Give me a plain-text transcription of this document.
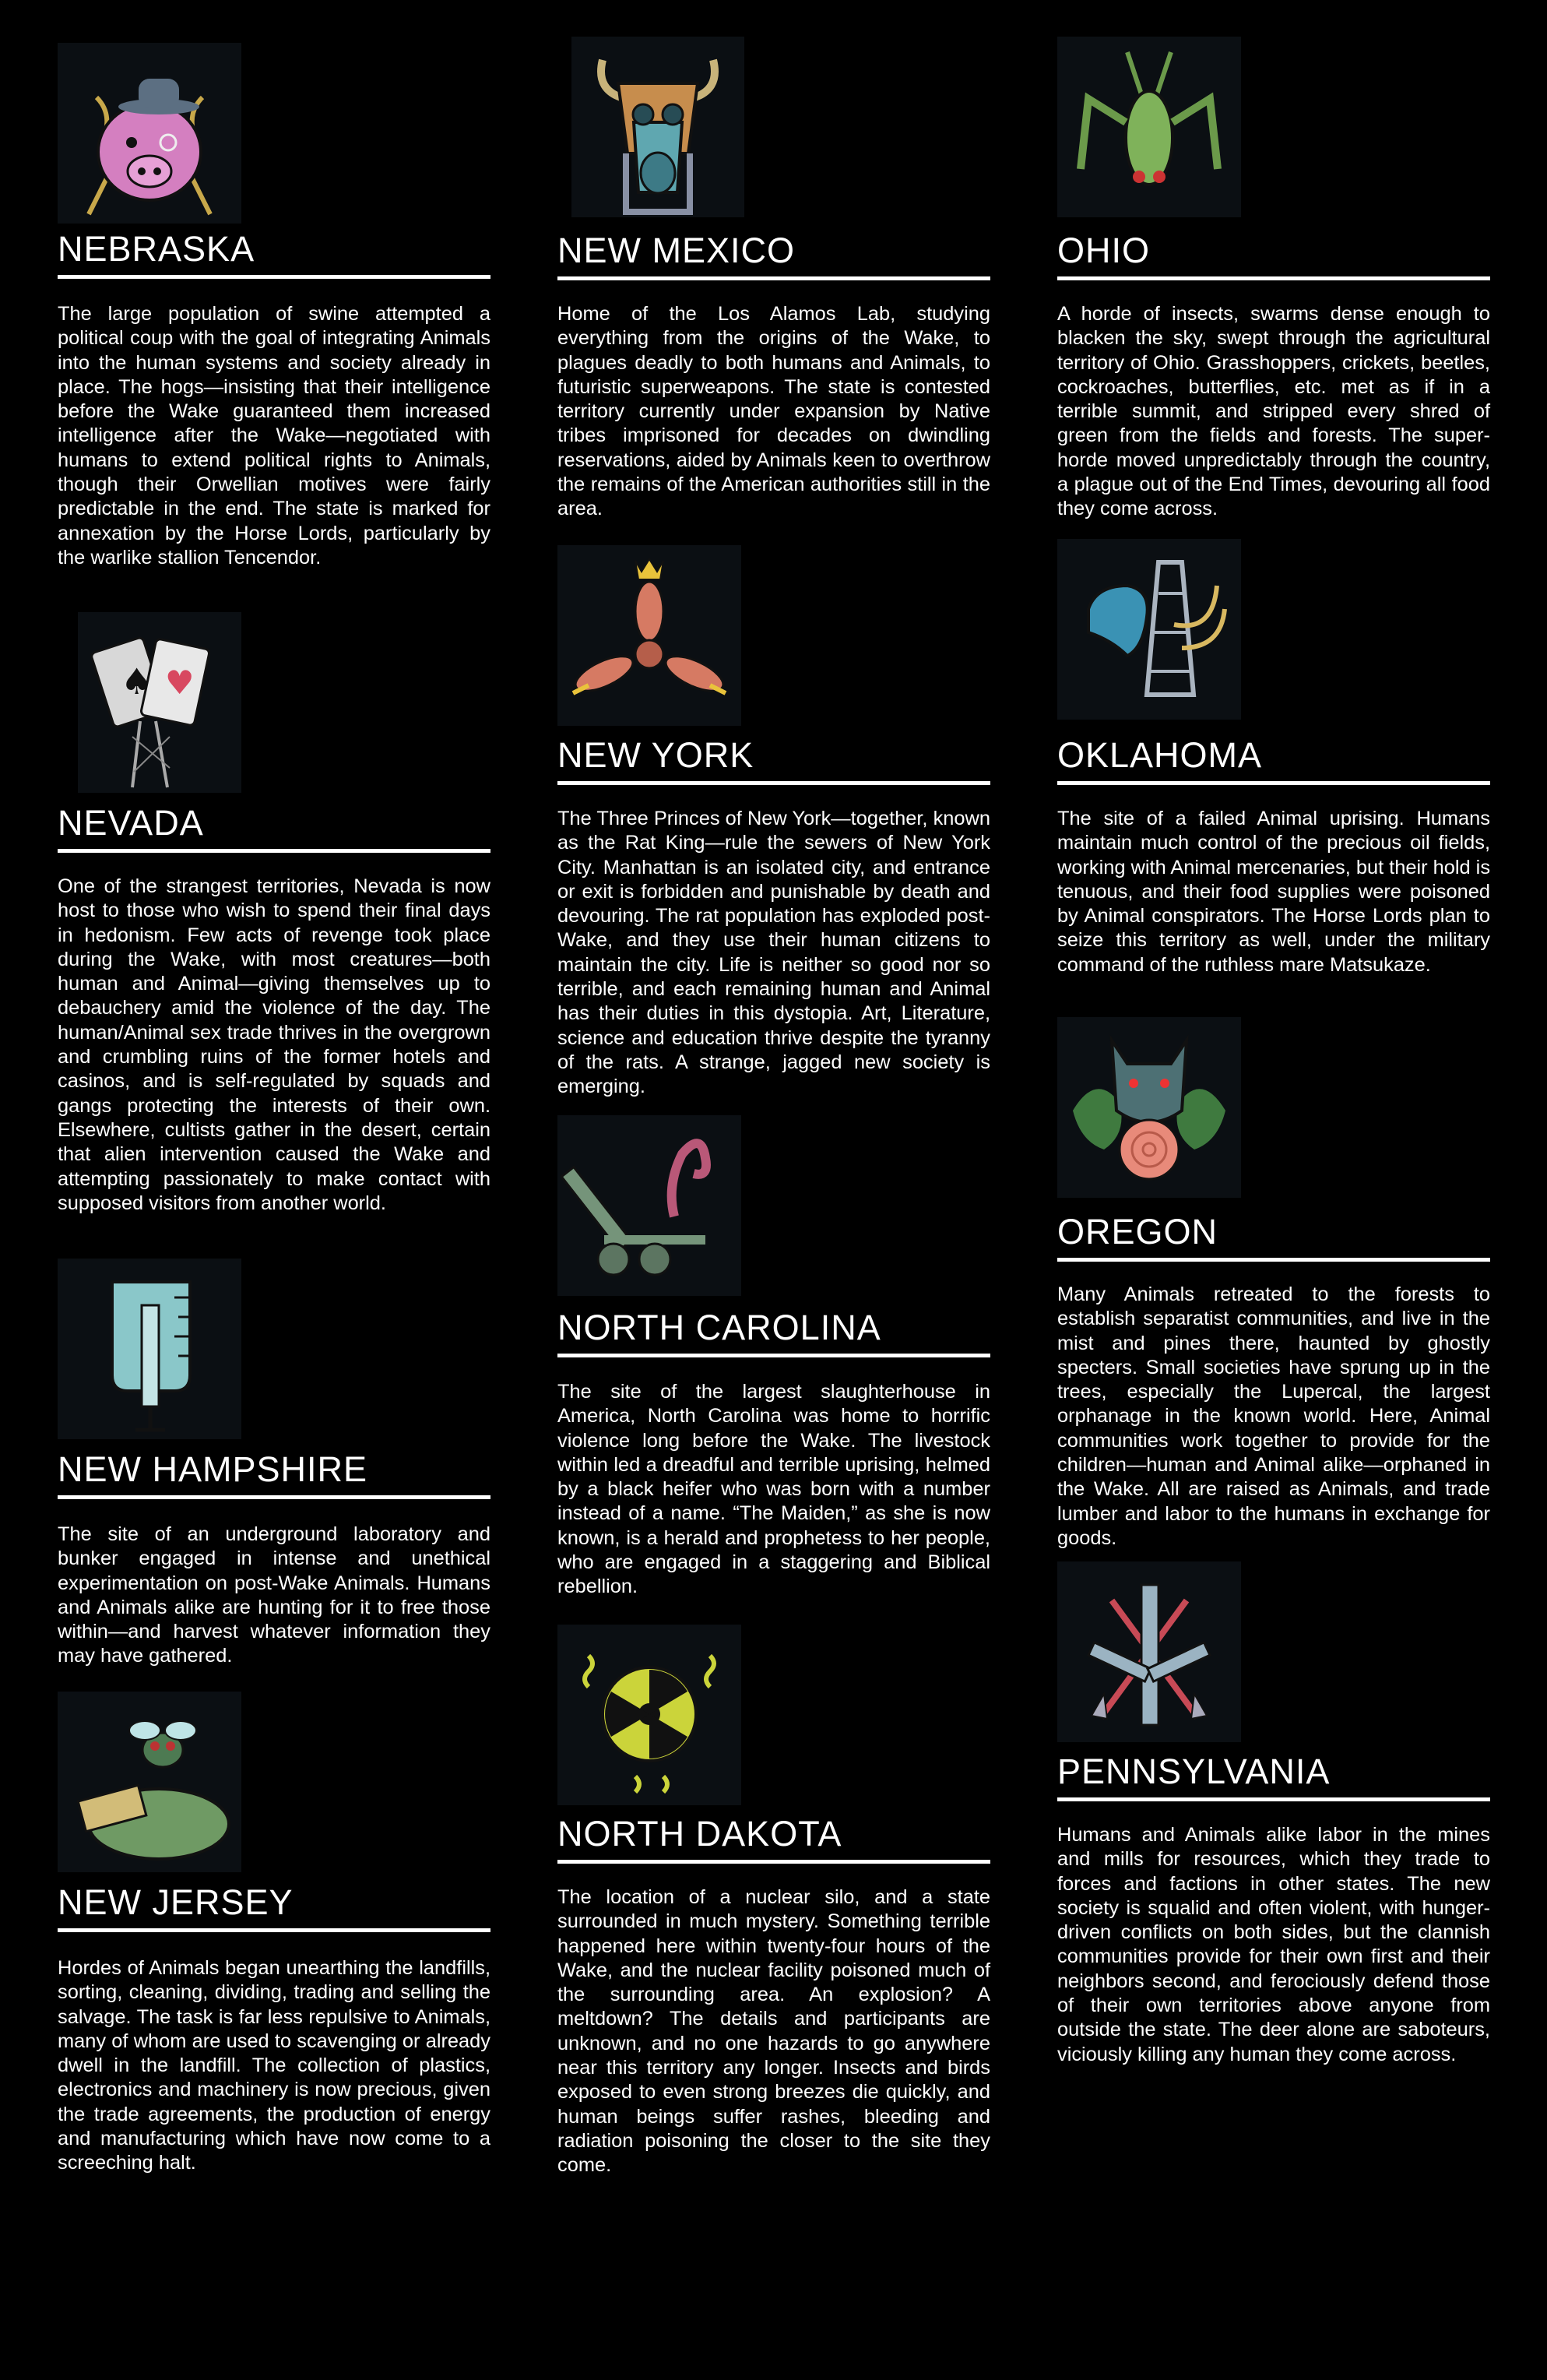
NEBRASKA
The large population of swine attempted a political coup with the goal of integrating Animals into the human systems and society already in place. The hogs—insisting that their intelligence before the Wake guaranteed them increased intelligence after the Wake—negotiated with humans to extend political rights to Animals, though their Orwellian motives were fairly predictable in the end. The state is marked for annexation by the Horse Lords, particularly by the warlike stallion Tencendor.
♠ ♥
NEVADA
One of the strangest territories, Nevada is now host to those who wish to spend their final days in hedonism. Few acts of revenge took place during the Wake, with most creatures—both human and Animal—giving themselves up to debauchery amid the violence of the day. The human/Animal sex trade thrives in the overgrown and crumbling ruins of the former hotels and casinos, and is self-regulated by squads and gangs protecting the interests of their own. Elsewhere, cultists gather in the desert, certain that alien intervention caused the Wake and attempting passionately to make contact with supposed visitors from another world.
NEW HAMPSHIRE
The site of an underground laboratory and bunker engaged in intense and unethical experimentation on post-Wake Animals. Humans and Animals alike are hunting for it to free those within—and harvest whatever information they may have gathered.
NEW JERSEY
Hordes of Animals began unearthing the landfills, sorting, cleaning, dividing, trading and selling the salvage. The task is far less repulsive to Animals, many of whom are used to scavenging or already dwell in the landfill. The collection of plastics, electronics and machinery is now precious, given the trade agreements, the production of energy and manufacturing which have now come to a screeching halt.
NEW MEXICO
Home of the Los Alamos Lab, studying everything from the origins of the Wake, to plagues deadly to both humans and Animals, to futuristic superweapons. The state is contested territory currently under expansion by Native tribes imprisoned for decades on dwindling reservations, aided by Animals keen to overthrow the remains of the American authorities still in the area.
NEW YORK
The Three Princes of New York—together, known as the Rat King—rule the sewers of New York City. Manhattan is an isolated city, and entrance or exit is forbidden and punishable by death and devouring. The rat population has exploded post-Wake, and they use their human citizens to maintain the city. Life is neither so good nor so terrible, and each remaining human and Animal has their duties in this dystopia. Art, Literature, science and education thrive despite the tyranny of the rats. A strange, jagged new society is emerging.
NORTH CAROLINA
The site of the largest slaughterhouse in America, North Carolina was home to horrific violence long before the Wake. The livestock within led a dreadful and terrible uprising, helmed by a black heifer who was born with a number instead of a name. “The Maiden,” as she is now known, is a herald and prophetess to her people, who are engaged in a staggering and Biblical rebellion.
NORTH DAKOTA
The location of a nuclear silo, and a state surrounded in much mystery. Something terrible happened here within twenty-four hours of the Wake, and the nuclear facility poisoned much of the surrounding area. An explosion? A meltdown? The details and participants are unknown, and no one hazards to go anywhere near this territory any longer. Insects and birds exposed to even strong breezes die quickly, and human beings suffer rashes, bleeding and radiation poisoning the closer to the site they come.
OHIO
A horde of insects, swarms dense enough to blacken the sky, swept through the agricultural territory of Ohio. Grasshoppers, crickets, beetles, cockroaches, butterflies, etc. met as if in a terrible summit, and stripped every shred of green from the fields and forests. The super-horde moved unpredictably through the country, a plague out of the End Times, devouring all food they come across.
OKLAHOMA
The site of a failed Animal uprising. Humans maintain much control of the precious oil fields, working with Animal mercenaries, but their hold is tenuous, and their food supplies were poisoned by Animal conspirators. The Horse Lords plan to seize this territory as well, under the military command of the ruthless mare Matsukaze.
OREGON
Many Animals retreated to the forests to establish separatist communities, and live in the mist and pines there, haunted by ghostly specters. Small societies have sprung up in the trees, especially the Lupercal, the largest orphanage in the known world. Here, Animal communities work together to provide for the children—human and Animal alike—orphaned in the Wake. All are raised as Animals, and trade lumber and labor to the humans in exchange for goods.
PENNSYLVANIA
Humans and Animals alike labor in the mines and mills for resources, which they trade to forces and factions in other states. The new society is squalid and often violent, with hunger-driven conflicts on both sides, but the clannish communities provide for their own first and their neighbors second, and ferociously defend those of their own territories above anyone from outside the state. The deer alone are saboteurs, viciously killing any human they come across.
